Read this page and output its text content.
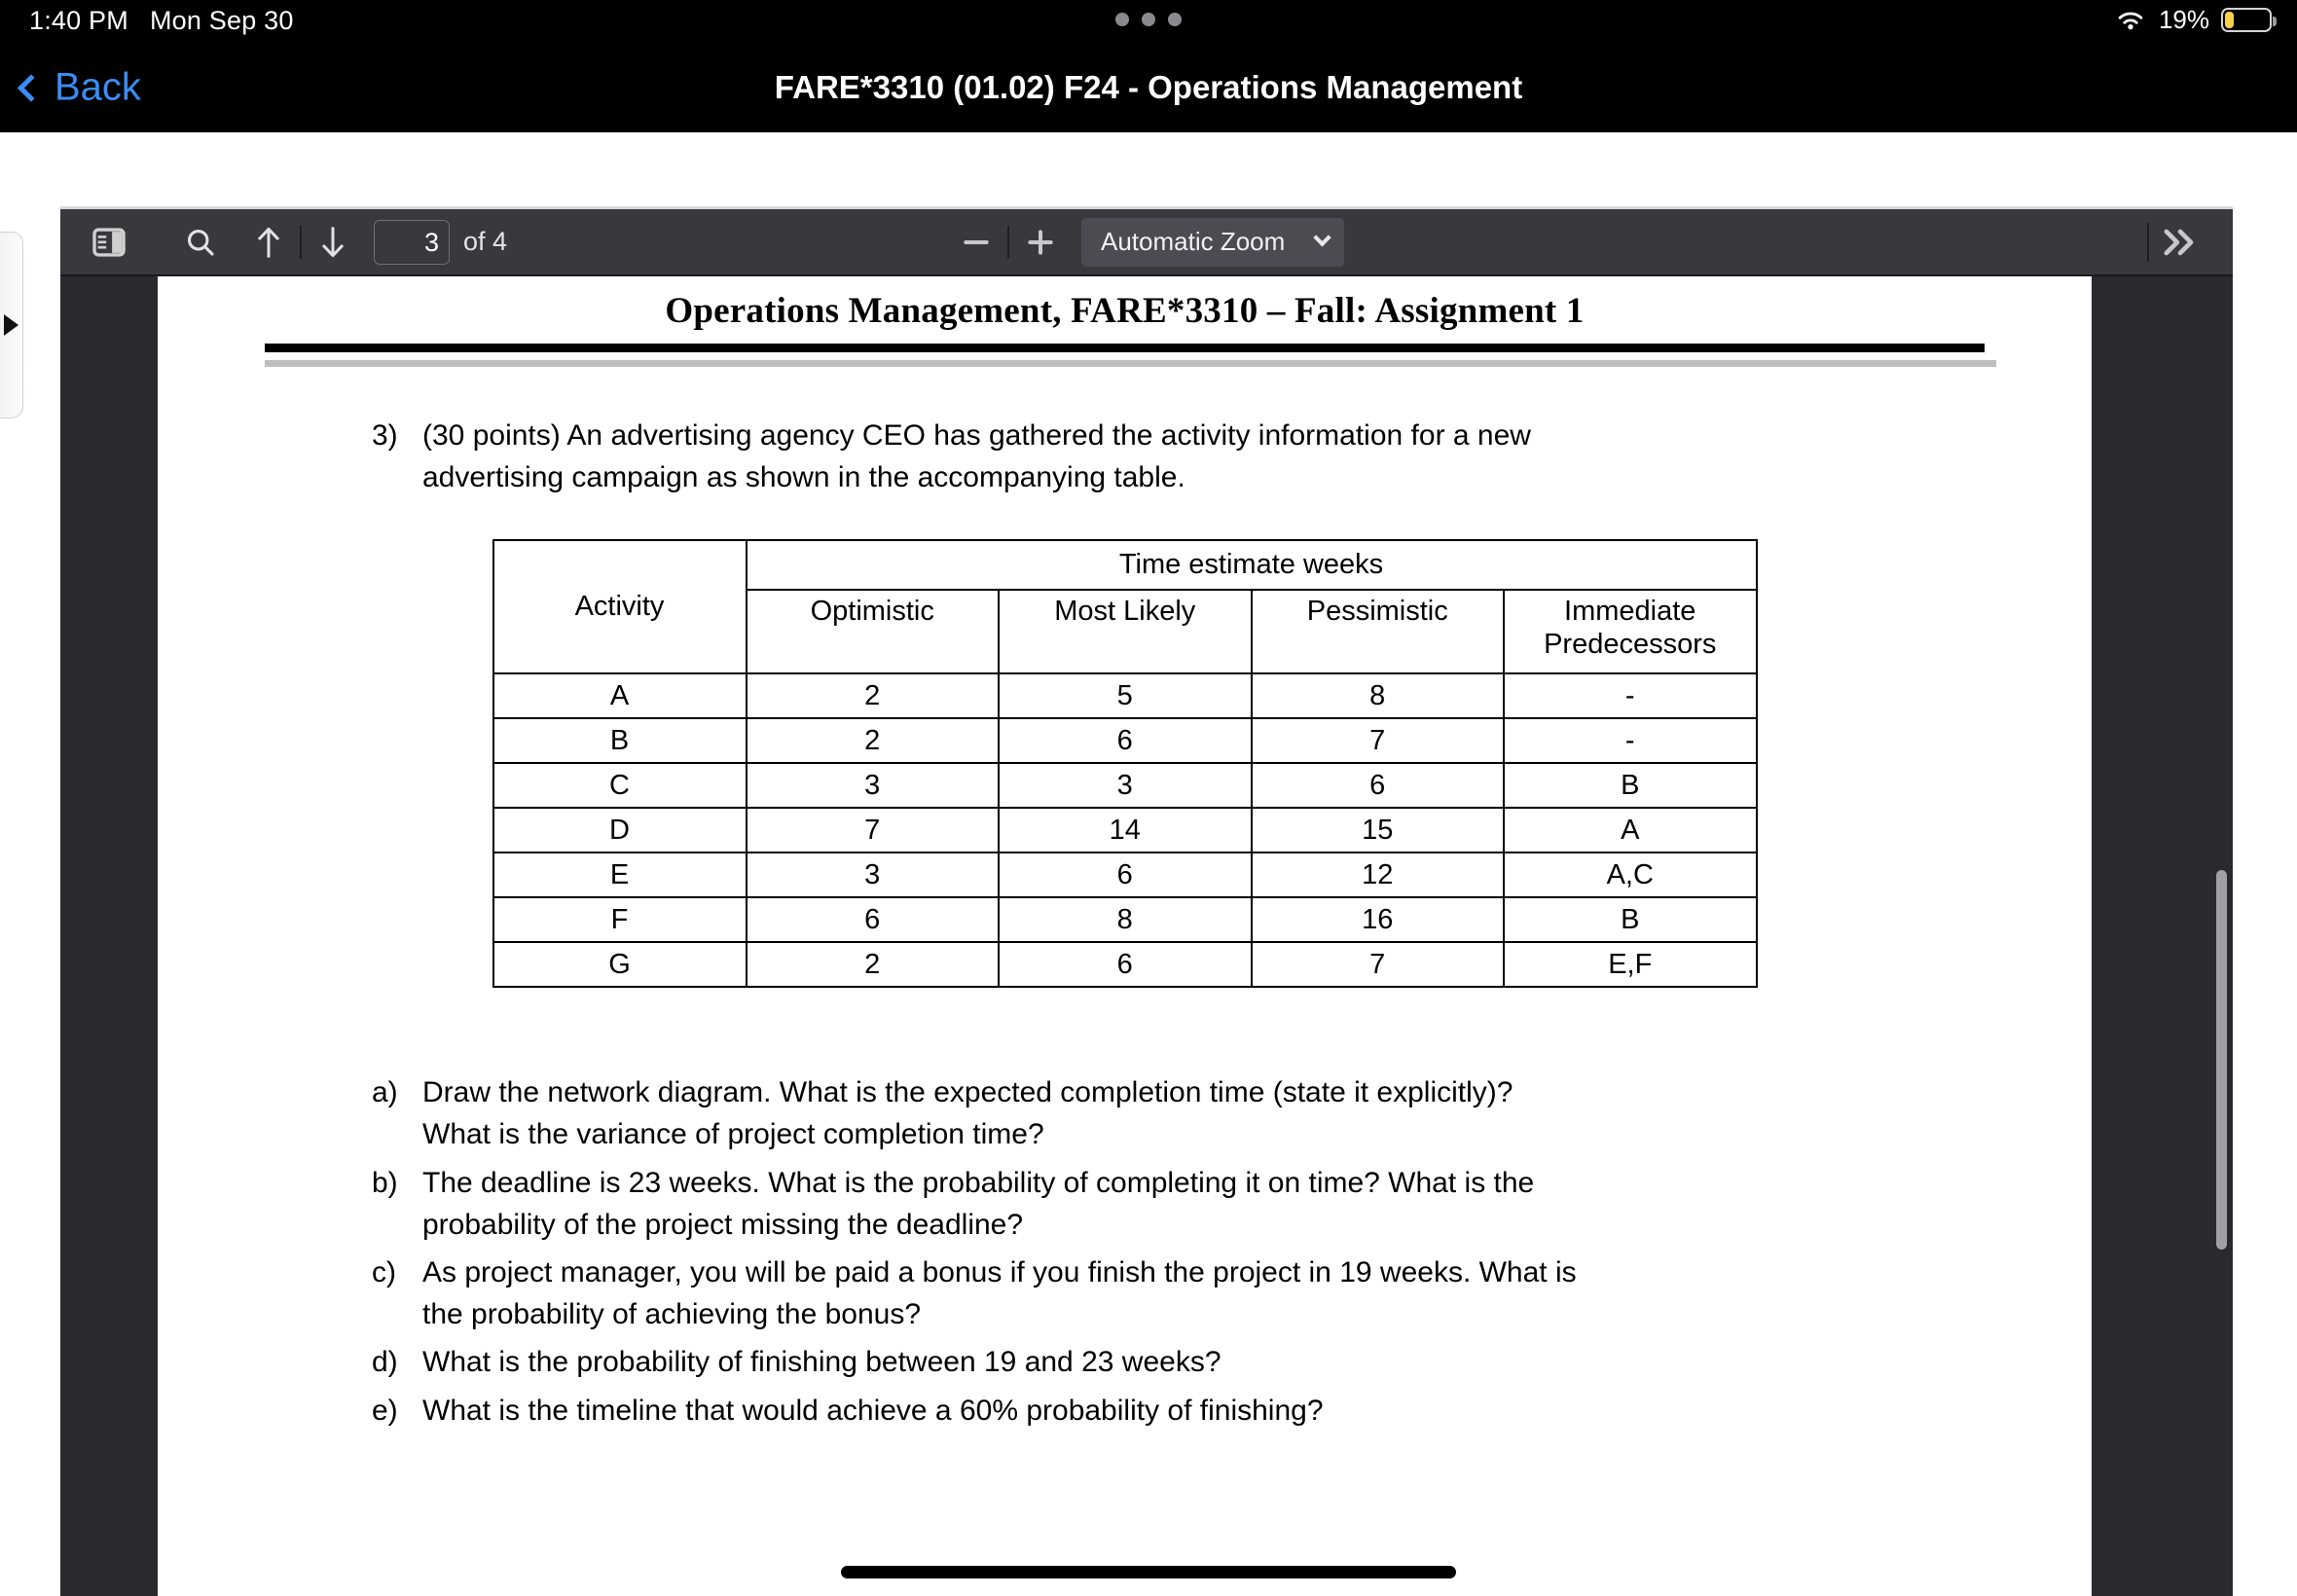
1:40 PM Mon Sep 30	19%
Back	FARE*3310 (01.02) F24 - Operations Management
3 of 4	Automatic Zoom
Operations Management, FARE*3310 – Fall: Assignment 1
3) (30 points) An advertising agency CEO has gathered the activity information for a new advertising campaign as shown in the accompanying table.
Activity	Time estimate weeks			
	Optimistic	Most Likely	Pessimistic	Immediate
Predecessors

A	2	5	8	-
B	2	6	7	-
C	3	3	6	B
D	7	14	15	A
E	3	6	12	A,C
F	6	8	16	B
G	2	6	7	E,F
a) Draw the network diagram. What is the expected completion time (state it explicitly)? What is the variance of project completion time?
b) The deadline is 23 weeks. What is the probability of completing it on time? What is the probability of the project missing the deadline?
c) As project manager, you will be paid a bonus if you finish the project in 19 weeks. What is the probability of achieving the bonus?
d) What is the probability of finishing between 19 and 23 weeks?
e) What is the timeline that would achieve a 60% probability of finishing?
